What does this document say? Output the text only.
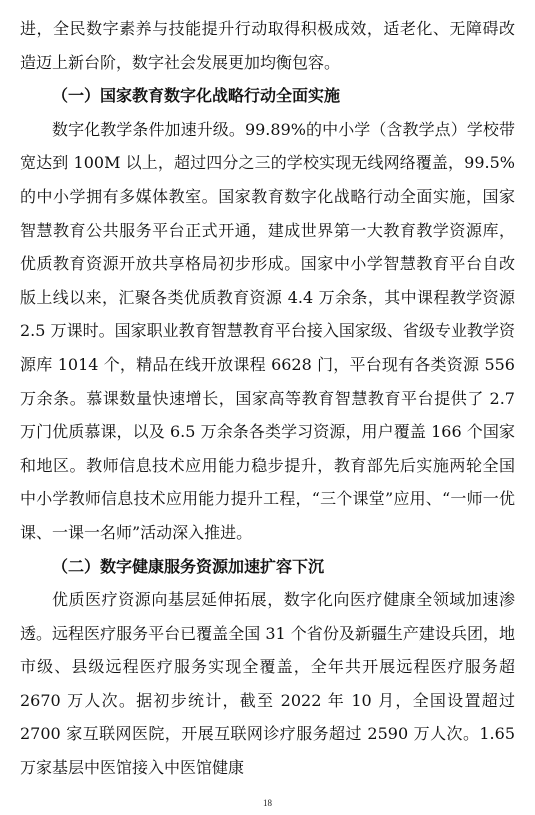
进，全民数字素养与技能提升行动取得积极成效，适老化、无障碍改造迈上新台阶，数字社会发展更加均衡包容。

（一）国家教育数字化战略行动全面实施

数字化教学条件加速升级。99.89%的中小学（含教学点）学校带宽达到 100M 以上，超过四分之三的学校实现无线网络覆盖，99.5%的中小学拥有多媒体教室。国家教育数字化战略行动全面实施，国家智慧教育公共服务平台正式开通，建成世界第一大教育教学资源库，优质教育资源开放共享格局初步形成。国家中小学智慧教育平台自改版上线以来，汇聚各类优质教育资源 4.4 万余条，其中课程教学资源 2.5 万课时。国家职业教育智慧教育平台接入国家级、省级专业教学资源库 1014 个，精品在线开放课程 6628 门，平台现有各类资源 556 万余条。慕课数量快速增长，国家高等教育智慧教育平台提供了 2.7 万门优质慕课，以及 6.5 万余条各类学习资源，用户覆盖 166 个国家和地区。教师信息技术应用能力稳步提升，教育部先后实施两轮全国中小学教师信息技术应用能力提升工程，“三个课堂”应用、“一师一优课、一课一名师”活动深入推进。

（二）数字健康服务资源加速扩容下沉

优质医疗资源向基层延伸拓展，数字化向医疗健康全领域加速渗透。远程医疗服务平台已覆盖全国 31 个省份及新疆生产建设兵团，地市级、县级远程医疗服务实现全覆盖，全年共开展远程医疗服务超 2670 万人次。据初步统计，截至 2022 年 10 月，全国设置超过 2700 家互联网医院，开展互联网诊疗服务超过 2590 万人次。1.65 万家基层中医馆接入中医馆健康

18
